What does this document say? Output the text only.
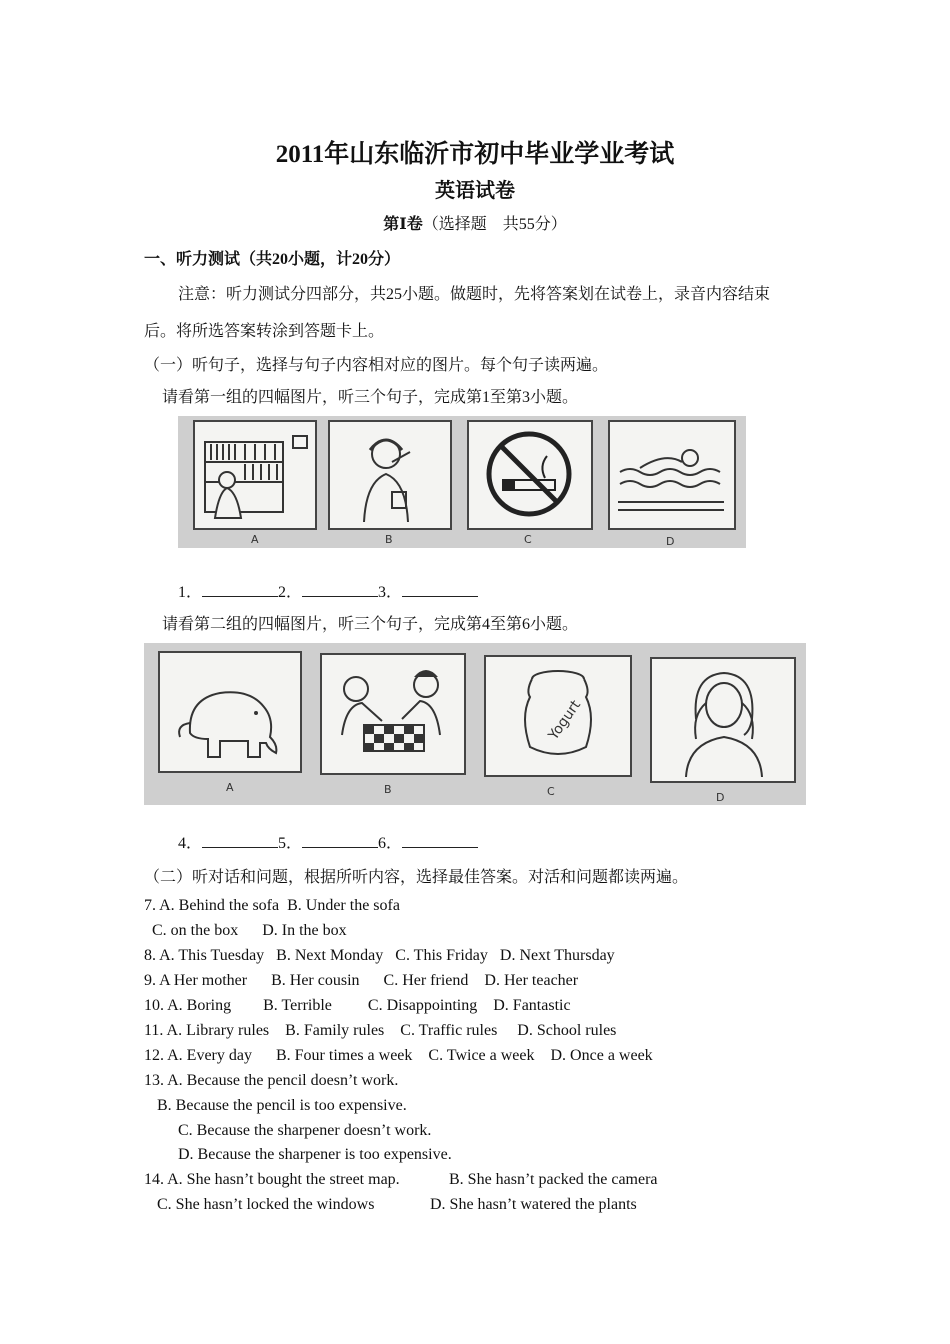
2011年山东临沂市初中毕业学业考试
英语试卷
第Ⅰ卷（选择题　共55分）
一、听力测试（共20小题，计20分）
注意：听力测试分四部分，共25小题。做题时，先将答案划在试卷上，录音内容结束
后。将所选答案转涂到答题卡上。
（一）听句子，选择与句子内容相对应的图片。每个句子读两遍。
请看第一组的四幅图片，听三个句子，完成第1至第3小题。
A	B	C	D
1．	2．	3．
请看第二组的四幅图片，听三个句子，完成第4至第6小题。
Yogurt
A	B	C	D
4．	5．	6．
（二）听对话和问题，根据所听内容，选择最佳答案。对活和问题都读两遍。
7. A. Behind the sofa  B. Under the sofa
C. on the box      D. In the box
8. A. This Tuesday   B. Next Monday   C. This Friday   D. Next Thursday
9. A Her mother      B. Her cousin      C. Her friend    D. Her teacher
10. A. Boring        B. Terrible         C. Disappointing    D. Fantastic
11. A. Library rules    B. Family rules    C. Traffic rules     D. School rules
12. A. Every day      B. Four times a week    C. Twice a week    D. Once a week
13. A. Because the pencil doesn’t work.
B. Because the pencil is too expensive.
C. Because the sharpener doesn’t work.
D. Because the sharpener is too expensive.
14. A. She hasn’t bought the street map.	B. She hasn’t packed the camera
C. She hasn’t locked the windows	D. She hasn’t watered the plants
